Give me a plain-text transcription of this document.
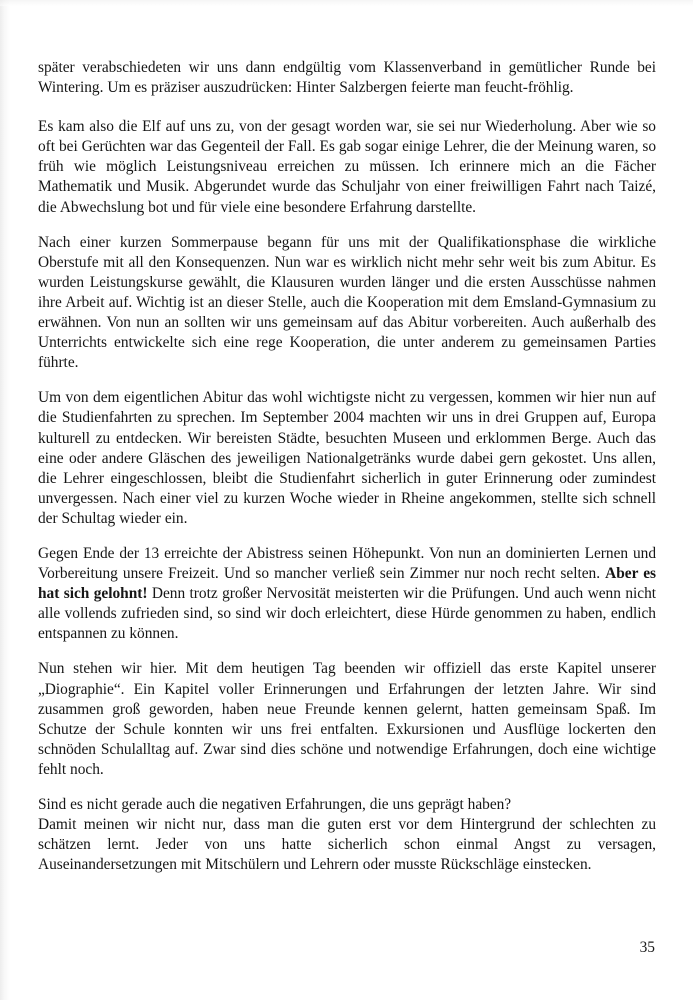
später verabschiedeten wir uns dann endgültig vom Klassenverband in gemütlicher Runde bei Wintering. Um es präziser auszudrücken: Hinter Salzbergen feierte man feucht-fröhlig.

Es kam also die Elf auf uns zu, von der gesagt worden war, sie sei nur Wiederholung. Aber wie so oft bei Gerüchten war das Gegenteil der Fall. Es gab sogar einige Lehrer, die der Meinung waren, so früh wie möglich Leistungsniveau erreichen zu müssen. Ich erinnere mich an die Fächer Mathematik und Musik. Abgerundet wurde das Schuljahr von einer freiwilligen Fahrt nach Taizé, die Abwechslung bot und für viele eine besondere Erfahrung darstellte.

Nach einer kurzen Sommerpause begann für uns mit der Qualifikationsphase die wirkliche Oberstufe mit all den Konsequenzen. Nun war es wirklich nicht mehr sehr weit bis zum Abitur. Es wurden Leistungskurse gewählt, die Klausuren wurden länger und die ersten Ausschüsse nahmen ihre Arbeit auf. Wichtig ist an dieser Stelle, auch die Kooperation mit dem Emsland-Gymnasium zu erwähnen. Von nun an sollten wir uns gemeinsam auf das Abitur vorbereiten. Auch außerhalb des Unterrichts entwickelte sich eine rege Kooperation, die unter anderem zu gemeinsamen Parties führte.

Um von dem eigentlichen Abitur das wohl wichtigste nicht zu vergessen, kommen wir hier nun auf die Studienfahrten zu sprechen. Im September 2004 machten wir uns in drei Gruppen auf, Europa kulturell zu entdecken. Wir bereisten Städte, besuchten Museen und erklommen Berge. Auch das eine oder andere Gläschen des jeweiligen Nationalgetränks wurde dabei gern gekostet. Uns allen, die Lehrer eingeschlossen, bleibt die Studienfahrt sicherlich in guter Erinnerung oder zumindest unvergessen. Nach einer viel zu kurzen Woche wieder in Rheine angekommen, stellte sich schnell der Schultag wieder ein.

Gegen Ende der 13 erreichte der Abistress seinen Höhepunkt. Von nun an dominierten Lernen und Vorbereitung unsere Freizeit. Und so mancher verließ sein Zimmer nur noch recht selten. Aber es hat sich gelohnt! Denn trotz großer Nervosität meisterten wir die Prüfungen. Und auch wenn nicht alle vollends zufrieden sind, so sind wir doch erleichtert, diese Hürde genommen zu haben, endlich entspannen zu können.

Nun stehen wir hier. Mit dem heutigen Tag beenden wir offiziell das erste Kapitel unserer „Diographie“. Ein Kapitel voller Erinnerungen und Erfahrungen der letzten Jahre. Wir sind zusammen groß geworden, haben neue Freunde kennen gelernt, hatten gemeinsam Spaß. Im Schutze der Schule konnten wir uns frei entfalten. Exkursionen und Ausflüge lockerten den schnöden Schulalltag auf. Zwar sind dies schöne und notwendige Erfahrungen, doch eine wichtige fehlt noch.

Sind es nicht gerade auch die negativen Erfahrungen, die uns geprägt haben?
Damit meinen wir nicht nur, dass man die guten erst vor dem Hintergrund der schlechten zu schätzen lernt. Jeder von uns hatte sicherlich schon einmal Angst zu versagen, Auseinandersetzungen mit Mitschülern und Lehrern oder musste Rückschläge einstecken.

35
